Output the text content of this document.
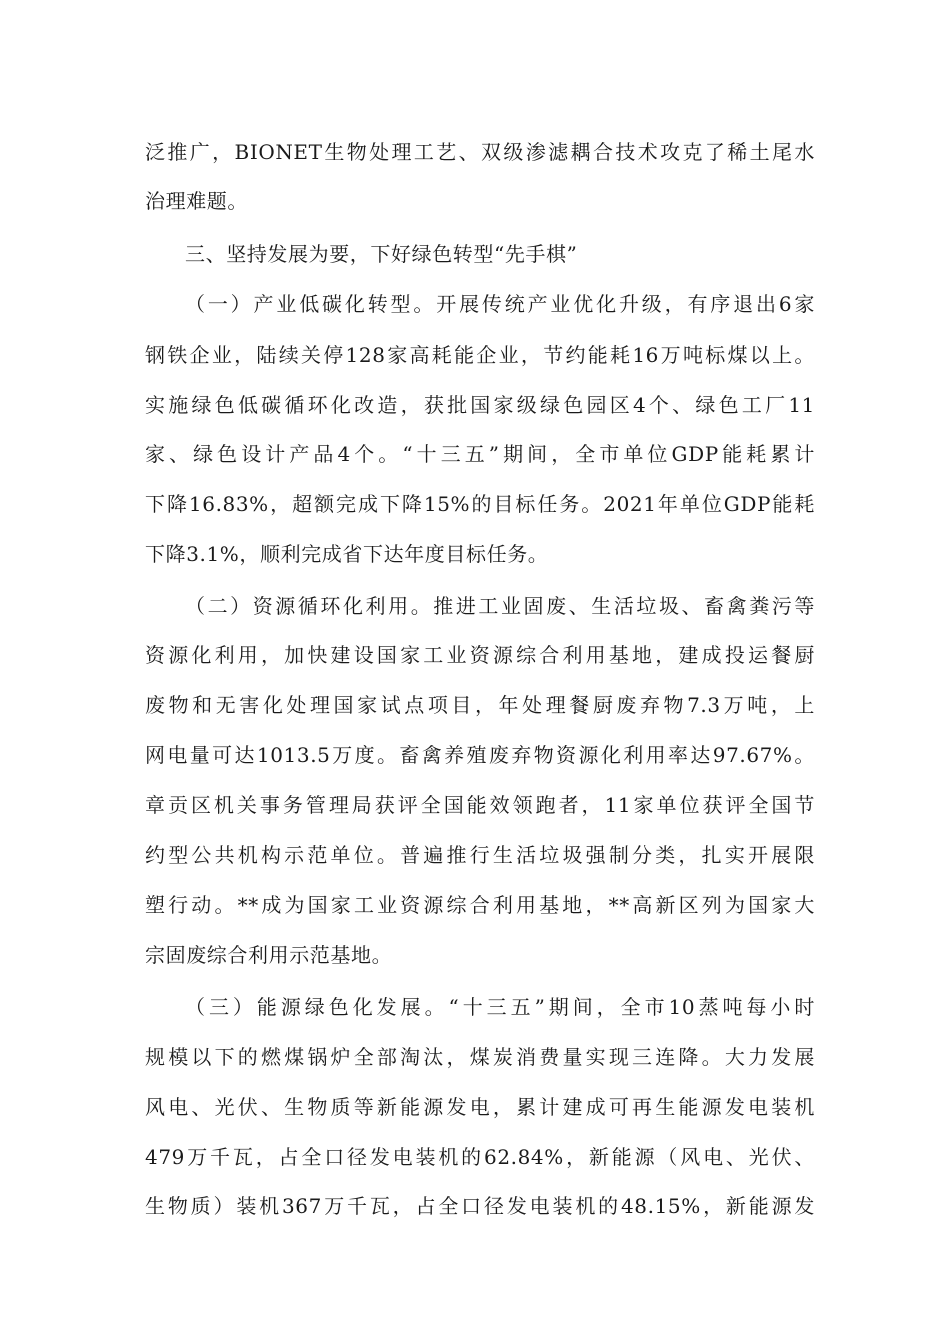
泛推广，BIONET生物处理工艺、双级渗滤耦合技术攻克了稀土尾水
治理难题。
三、坚持发展为要，下好绿色转型“先手棋”
（一）产业低碳化转型。开展传统产业优化升级，有序退出6家
钢铁企业，陆续关停128家高耗能企业，节约能耗16万吨标煤以上。
实施绿色低碳循环化改造，获批国家级绿色园区4个、绿色工厂11
家、绿色设计产品4个。“十三五”期间，全市单位GDP能耗累计
下降16.83%，超额完成下降15%的目标任务。2021年单位GDP能耗
下降3.1%，顺利完成省下达年度目标任务。
（二）资源循环化利用。推进工业固废、生活垃圾、畜禽粪污等
资源化利用，加快建设国家工业资源综合利用基地，建成投运餐厨
废物和无害化处理国家试点项目，年处理餐厨废弃物7.3万吨，上
网电量可达1013.5万度。畜禽养殖废弃物资源化利用率达97.67%。
章贡区机关事务管理局获评全国能效领跑者，11家单位获评全国节
约型公共机构示范单位。普遍推行生活垃圾强制分类，扎实开展限
塑行动。**成为国家工业资源综合利用基地，**高新区列为国家大
宗固废综合利用示范基地。
（三）能源绿色化发展。“十三五”期间，全市10蒸吨每小时
规模以下的燃煤锅炉全部淘汰，煤炭消费量实现三连降。大力发展
风电、光伏、生物质等新能源发电，累计建成可再生能源发电装机
479万千瓦，占全口径发电装机的62.84%，新能源（风电、光伏、
生物质）装机367万千瓦，占全口径发电装机的48.15%，新能源发
